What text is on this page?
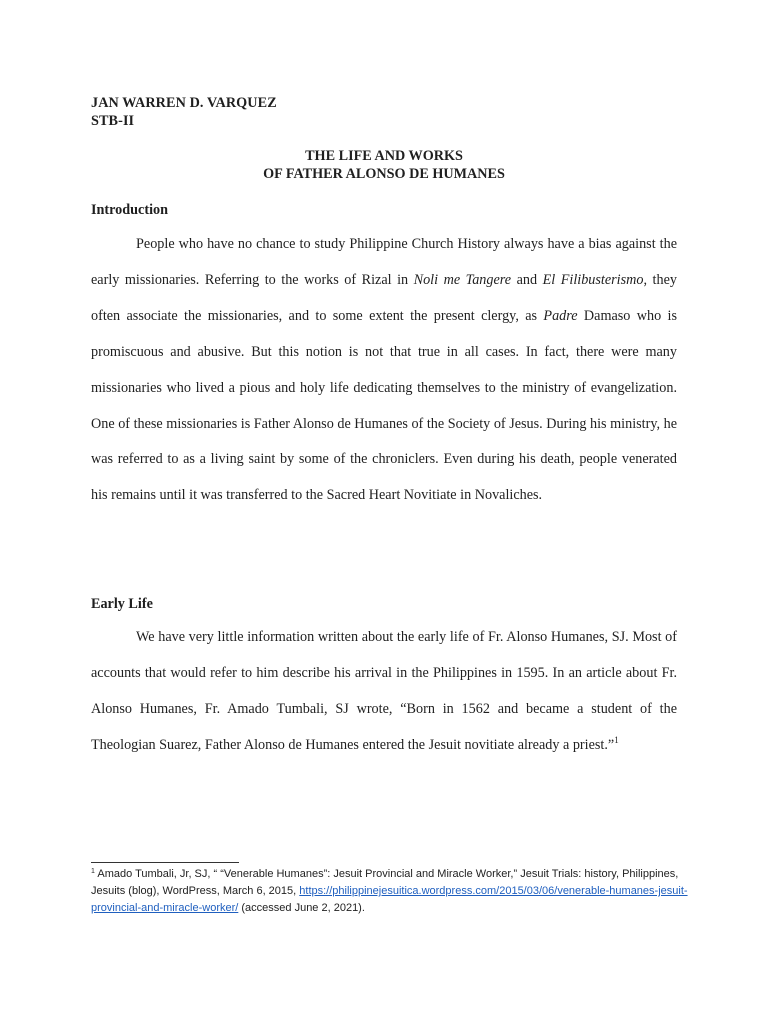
JAN WARREN D. VARQUEZ
STB-II
THE LIFE AND WORKS
OF FATHER ALONSO DE HUMANES
Introduction

People who have no chance to study Philippine Church History always have a bias against the early missionaries. Referring to the works of Rizal in Noli me Tangere and El Filibusterismo, they often associate the missionaries, and to some extent the present clergy, as Padre Damaso who is promiscuous and abusive. But this notion is not that true in all cases. In fact, there were many missionaries who lived a pious and holy life dedicating themselves to the ministry of evangelization. One of these missionaries is Father Alonso de Humanes of the Society of Jesus. During his ministry, he was referred to as a living saint by some of the chroniclers. Even during his death, people venerated his remains until it was transferred to the Sacred Heart Novitiate in Novaliches.

Early Life

We have very little information written about the early life of Fr. Alonso Humanes, SJ. Most of accounts that would refer to him describe his arrival in the Philippines in 1595. In an article about Fr. Alonso Humanes, Fr. Amado Tumbali, SJ wrote, “Born in 1562 and became a student of the Theologian Suarez, Father Alonso de Humanes entered the Jesuit novitiate already a priest.”$^1$

$^1$ Amado Tumbali, Jr, SJ, “ “Venerable Humanes”: Jesuit Provincial and Miracle Worker,” Jesuit Trials: history, Philippines, Jesuits (blog), WordPress, March 6, 2015, https://philippinejesuitica.wordpress.com/2015/03/06/venerable-humanes-jesuit-provincial-and-miracle-worker/ (accessed June 2, 2021).
